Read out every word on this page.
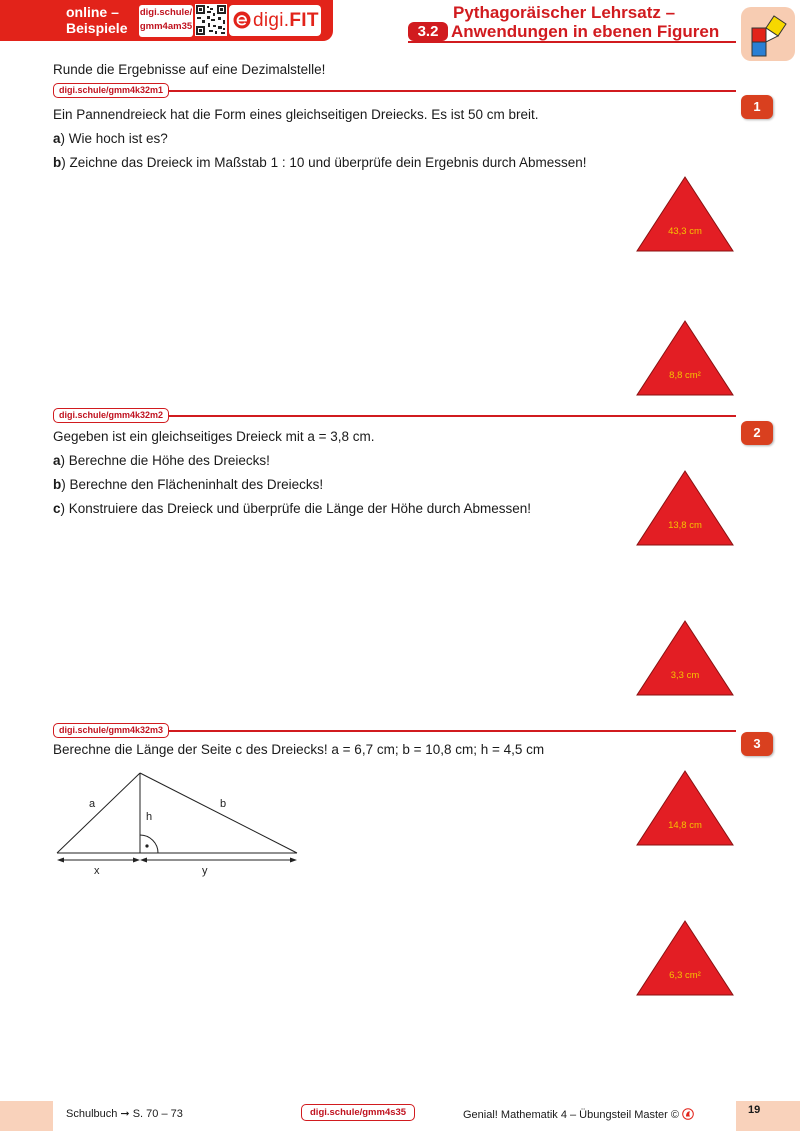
online –
Beispiele
digi.schule/
gmm4am35	digi.FIT	Pythagoräischer Lehrsatz –
3.2 Anwendungen in ebenen Figuren
Runde die Ergebnisse auf eine Dezimalstelle!
digi.schule/gmm4k32m1
1
Ein Pannendreieck hat die Form eines gleichseitigen Dreiecks. Es ist 50 cm breit.
a) Wie hoch ist es?
b) Zeichne das Dreieck im Maßstab 1 : 10 und überprüfe dein Ergebnis durch Abmessen!
digi.schule/gmm4k32m2
2
Gegeben ist ein gleichseitiges Dreieck mit a = 3,8 cm.
a) Berechne die Höhe des Dreiecks!
b) Berechne den Flächeninhalt des Dreiecks!
c) Konstruiere das Dreieck und überprüfe die Länge der Höhe durch Abmessen!
digi.schule/gmm4k32m3
3
Berechne die Länge der Seite c des Dreiecks! a = 6,7 cm; b = 10,8 cm; h = 4,5 cm
a	b
h
x	y
43,3 cm
8,8 cm²
13,8 cm
3,3 cm
14,8 cm
6,3 cm²
Schulbuch ➞ S. 70 – 73	digi.schule/gmm4s35	Genial! Mathematik 4 – Übungsteil Master ©	19
